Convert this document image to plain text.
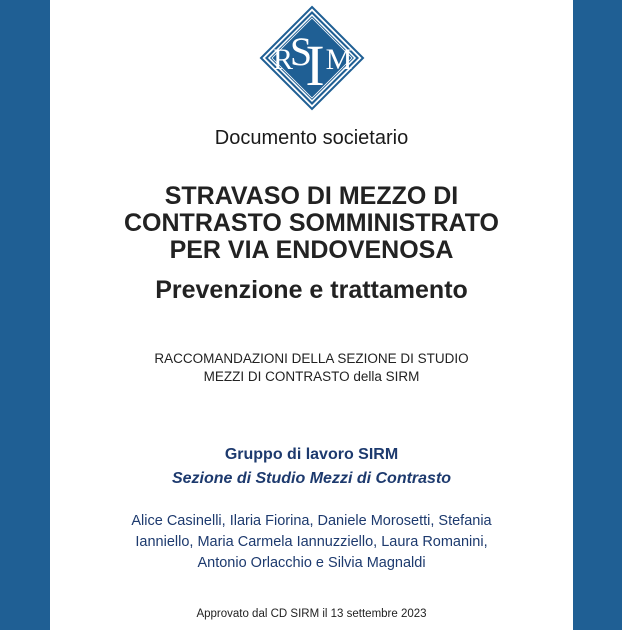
R
S
I M
Documento societario
STRAVASO DI MEZZO DI
CONTRASTO SOMMINISTRATO
PER VIA ENDOVENOSA
Prevenzione e trattamento
RACCOMANDAZIONI DELLA SEZIONE DI STUDIO
MEZZI DI CONTRASTO della SIRM
Gruppo di lavoro SIRM
Sezione di Studio Mezzi di Contrasto
Alice Casinelli, Ilaria Fiorina, Daniele Morosetti, Stefania
Ianniello, Maria Carmela Iannuzziello, Laura Romanini,
Antonio Orlacchio e Silvia Magnaldi
Approvato dal CD SIRM il 13 settembre 2023
